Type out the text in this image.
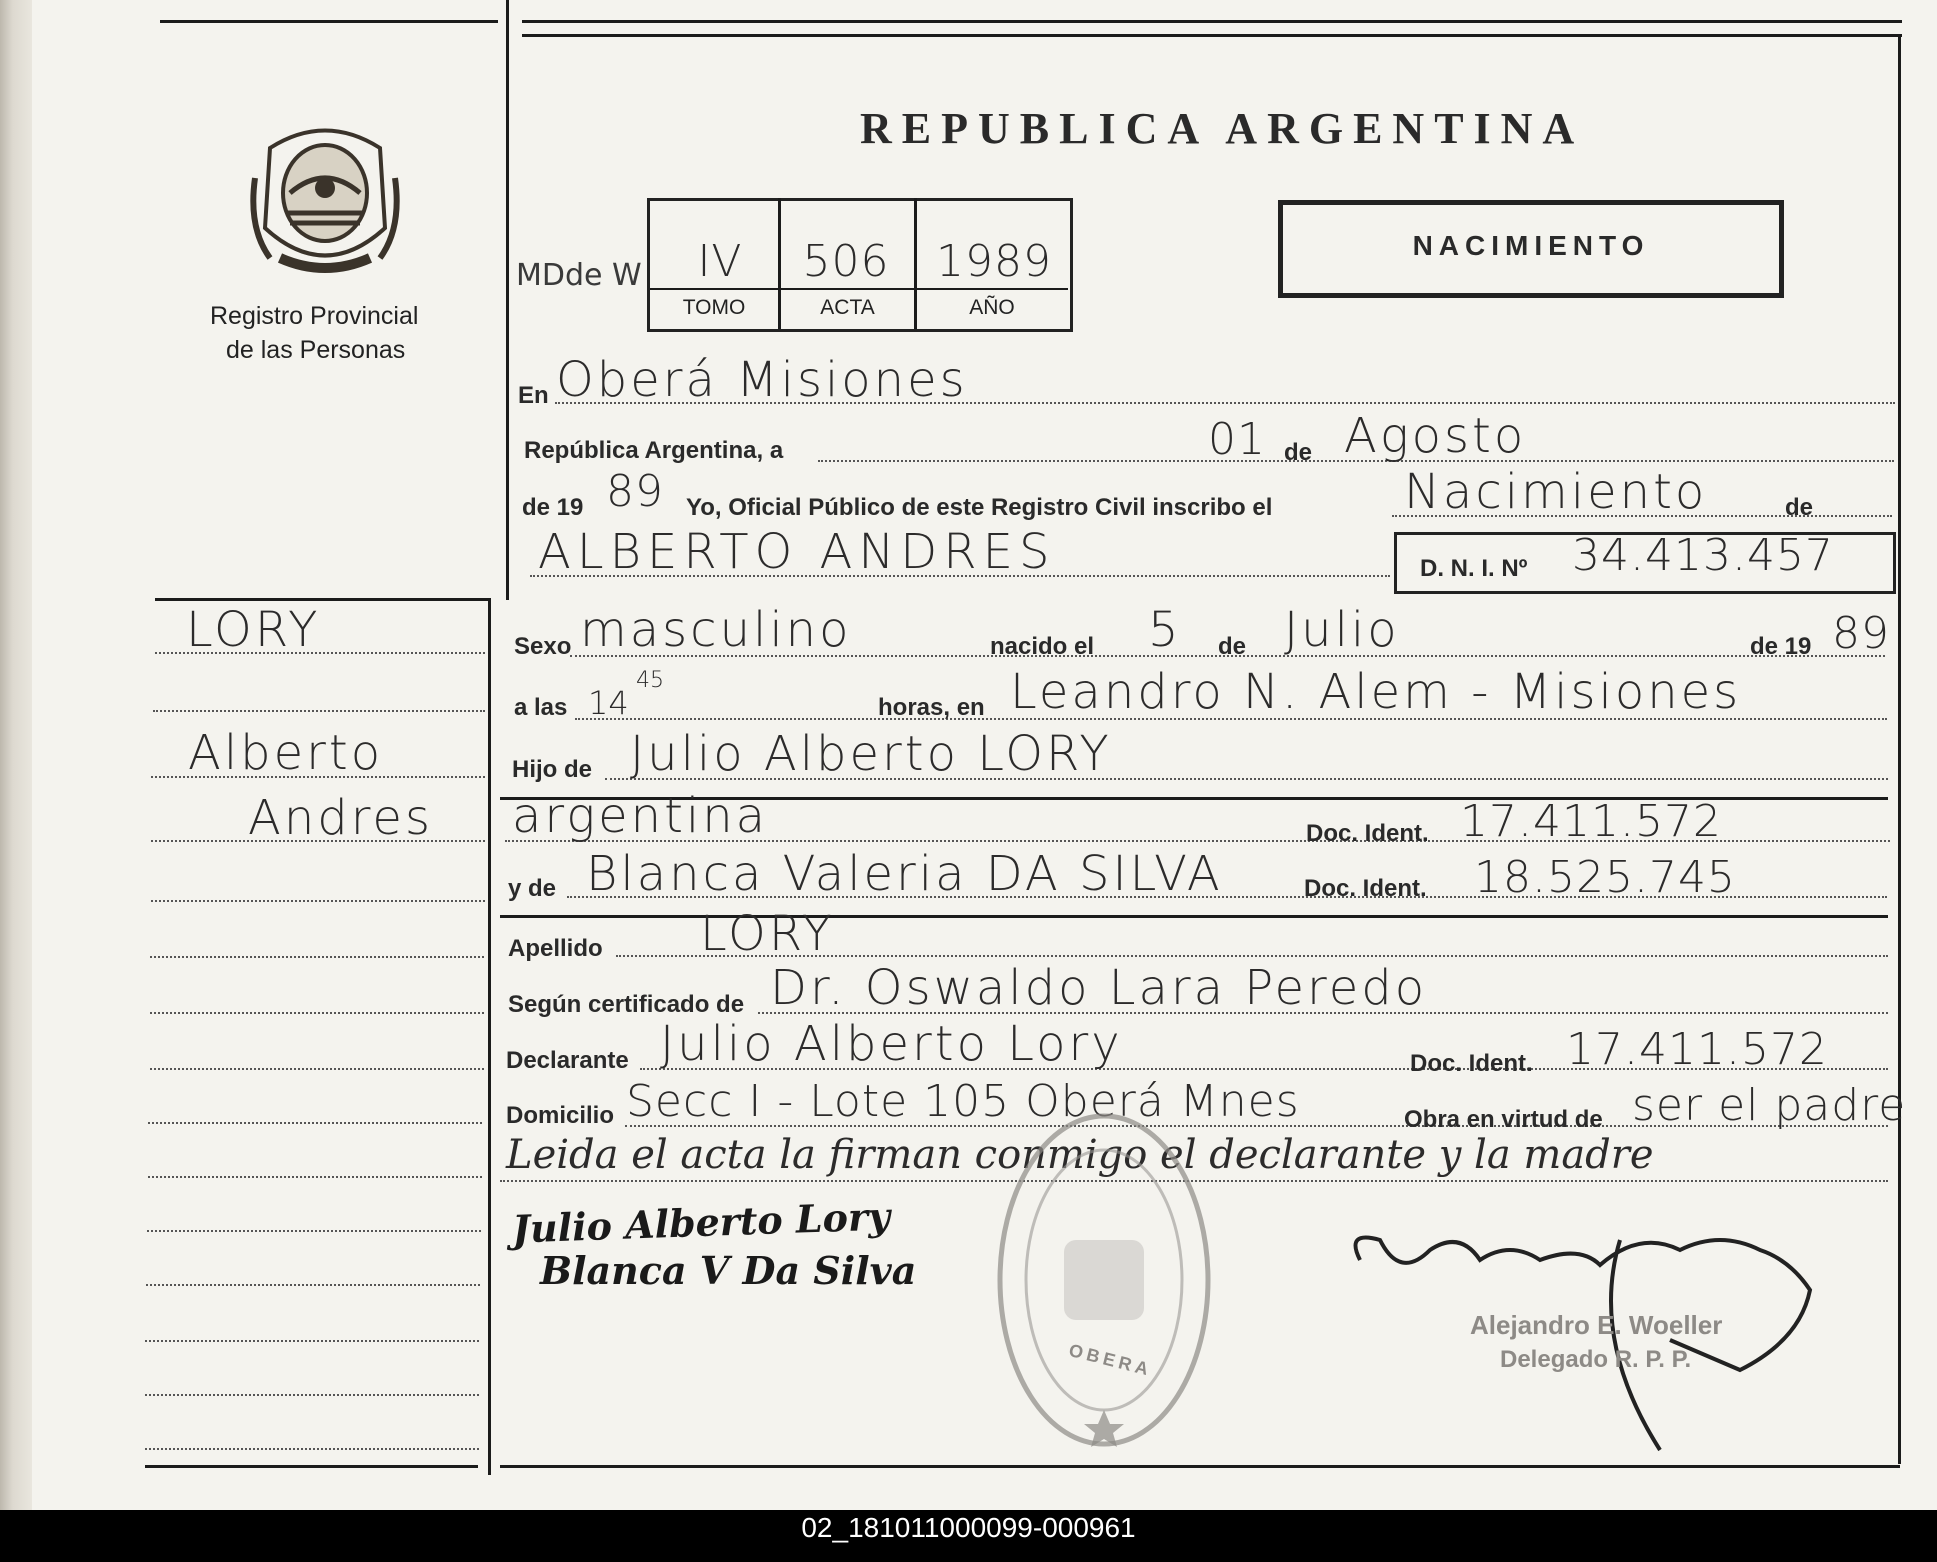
REPUBLICA ARGENTINA
Registro Provincial
de las Personas
MDde W	IV	506	1989
TOMO	ACTA	AÑO
NACIMIENTO
LORY
Alberto
Andres
En Oberá Misiones
República Argentina, a	01 de Agosto
de 19 89 Yo, Oficial Público de este Registro Civil inscribo el	Nacimiento	de
ALBERTO ANDRES	D. N. I. Nº 34.413.457
Sexo masculino	nacido el 5 de Julio	de 19 89
a las 14
45
horas, en Leandro N. Alem - Misiones
Hijo de Julio Alberto LORY
argentina	Doc. Ident. 17.411.572
y de Blanca Valeria DA SILVA	Doc. Ident. 18.525.745
Apellido LORY
Según certificado de Dr. Oswaldo Lara Peredo
Declarante Julio Alberto Lory	Doc. Ident. 17.411.572
Domicilio Secc I - Lote 105 Oberá Mnes	Obra en virtud de ser el padre
Leida el acta la firman conmigo el declarante y la madre
OBERA
Julio Alberto Lory
Blanca V Da Silva
Alejandro E. Woeller
Delegado R. P. P.
02_181011000099-000961
